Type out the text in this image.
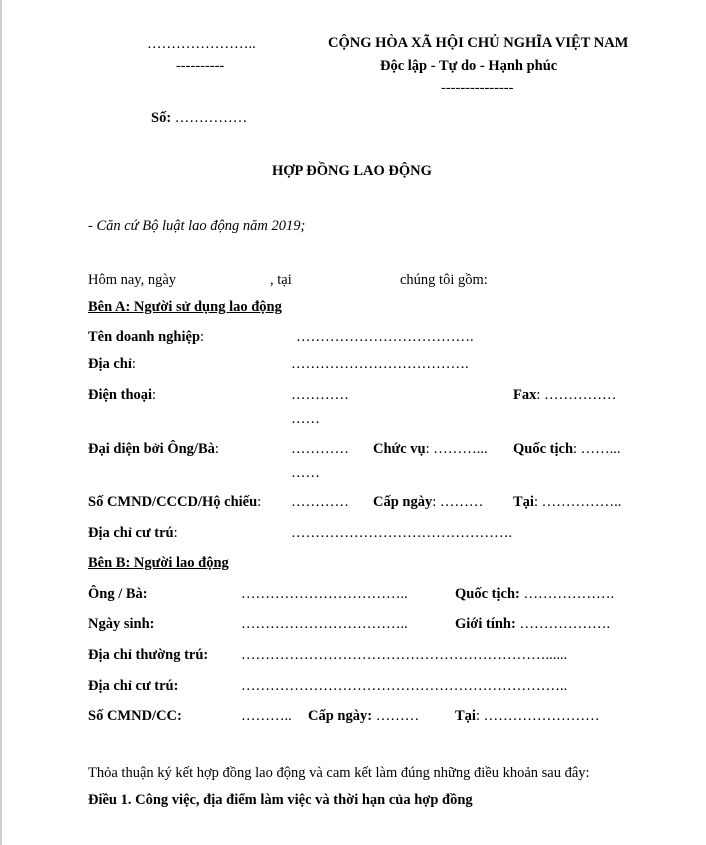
…………………..
----------
CỘNG HÒA XÃ HỘI CHỦ NGHĨA VIỆT NAM
Độc lập - Tự do - Hạnh phúc
---------------
Số: ……………
HỢP ĐỒNG LAO ĐỘNG
- Căn cứ Bộ luật lao động năm 2019;
Hôm nay, ngày	, tại	chúng tôi gồm:
Bên A: Người sử dụng lao động
Tên doanh nghiệp:	……………………………….
Địa chỉ:	……………………………….
Điện thoại:	…………
……
Fax: ……………
Đại diện bởi Ông/Bà:	…………
……
Chức vụ: ………... Quốc tịch: ……...
Số CMND/CCCD/Hộ chiếu: ………… Cấp ngày: ……… Tại: ……………..
Địa chỉ cư trú:	……………………………………….
Bên B: Người lao động
Ông / Bà:	……………………………..	Quốc tịch: ……………….
Ngày sinh:	……………………………..	Giới tính: ……………….
Địa chỉ thường trú: ………………………………………………………......
Địa chỉ cư trú:	…………………………………………………………..
Số CMND/CC:	……….. Cấp ngày: ……… Tại: ……………………
Thỏa thuận ký kết hợp đồng lao động và cam kết làm đúng những điều khoản sau đây:
Điều 1. Công việc, địa điểm làm việc và thời hạn của hợp đồng
